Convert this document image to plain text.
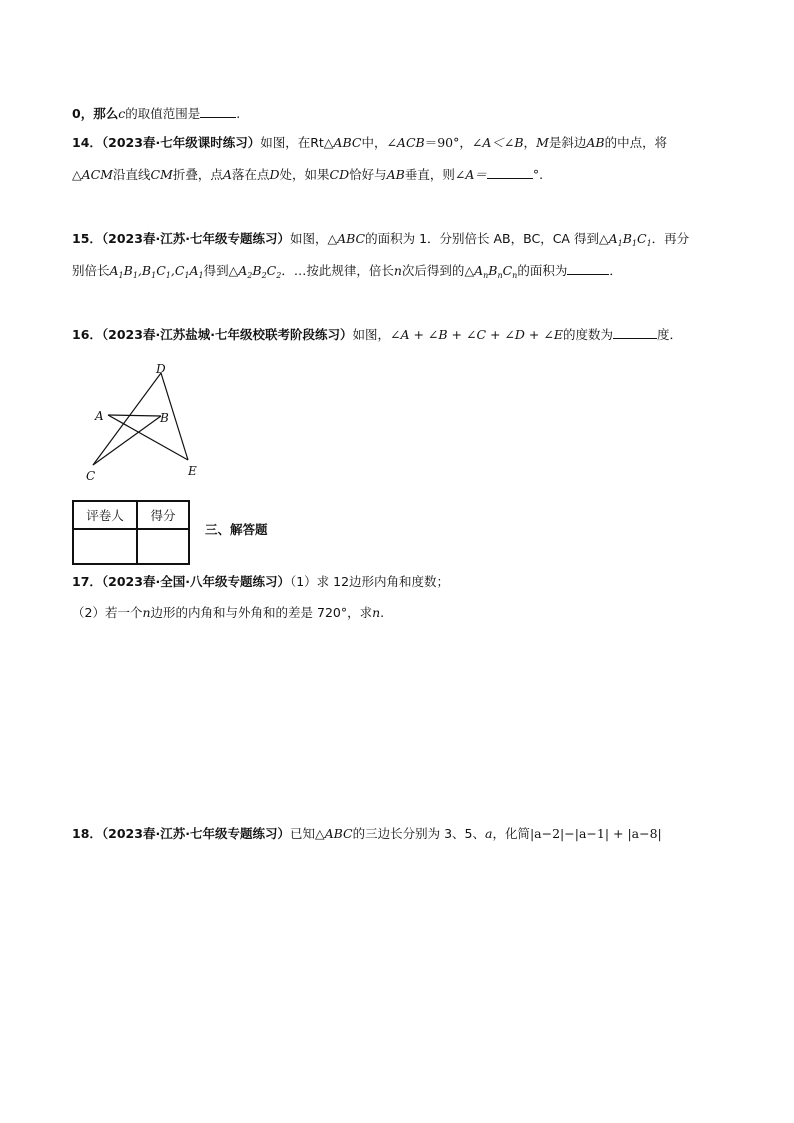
0，那么c的取值范围是	.
14．（2023春·七年级课时练习）如图，在Rt△ABC中，∠ACB＝90°，∠A＜∠B，M是斜边AB的中点，将
△ACM沿直线CM折叠，点A落在点D处，如果CD恰好与AB垂直，则∠A＝	°.
15．（2023春·江苏·七年级专题练习）如图，△ABC的面积为 1．分别倍长 AB，BC，CA 得到$\triangle A_1B_1C_1$．再分
别倍长$A_1B_1,B_1C_1,C_1A_1$得到$\triangle A_2B_2C_2$．…按此规律，倍长n次后得到的$\triangle A_nB_nC_n$的面积为	．
16．（2023春·江苏盐城·七年级校联考阶段练习）如图，∠A + ∠B + ∠C + ∠D + ∠E的度数为	度．
D
A	B
C	E
评卷人	得分

三、解答题
17．（2023春·全国·八年级专题练习）（1）求 12边形内角和度数；
（2）若一个n边形的内角和与外角和的差是 720°，求n.
18．（2023春·江苏·七年级专题练习）已知△ABC的三边长分别为 3、5、a，化简|a−2|−|a−1| + |a−8|
